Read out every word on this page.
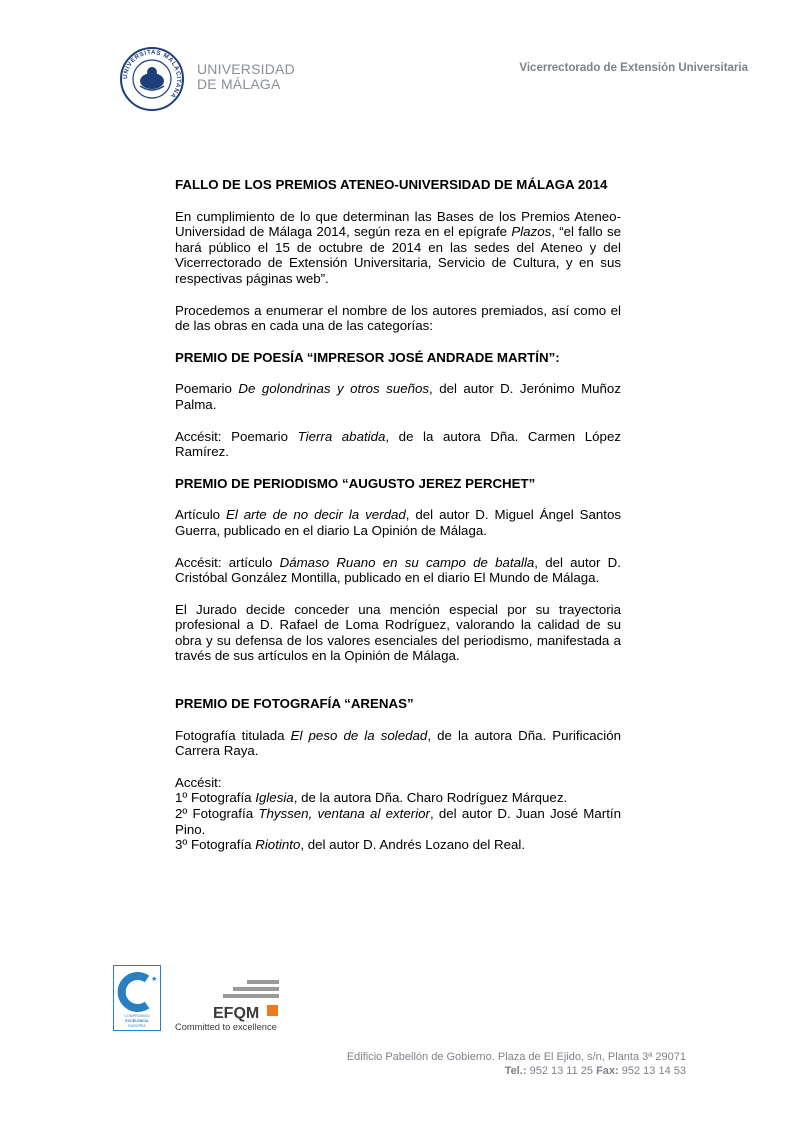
UNIVERSITAS MALACITANA
UNIVERSIDAD
DE MÁLAGA
Vicerrectorado de Extensión Universitaria

FALLO DE LOS PREMIOS ATENEO-UNIVERSIDAD DE MÁLAGA 2014

En cumplimiento de lo que determinan las Bases de los Premios Ateneo-Universidad de Málaga 2014, según reza en el epígrafe Plazos, “el fallo se hará público el 15 de octubre de 2014 en las sedes del Ateneo y del Vicerrectorado de Extensión Universitaria, Servicio de Cultura, y en sus respectivas páginas web”.

Procedemos a enumerar el nombre de los autores premiados, así como el de las obras en cada una de las categorías:

PREMIO DE POESÍA “IMPRESOR JOSÉ ANDRADE MARTÍN”:

Poemario De golondrinas y otros sueños, del autor D. Jerónimo Muñoz Palma.

Accésit: Poemario Tierra abatida, de la autora Dña. Carmen López Ramírez.

PREMIO DE PERIODISMO “AUGUSTO JEREZ PERCHET”

Artículo El arte de no decir la verdad, del autor D. Miguel Ángel Santos Guerra, publicado en el diario La Opinión de Málaga.

Accésit: artículo Dámaso Ruano en su campo de batalla, del autor D. Cristóbal González Montilla, publicado en el diario El Mundo de Málaga.

El Jurado decide conceder una mención especial por su trayectoria profesional a D. Rafael de Loma Rodríguez, valorando la calidad de su obra y su defensa de los valores esenciales del periodismo, manifestada a través de sus artículos en la Opinión de Málaga.

PREMIO DE FOTOGRAFÍA “ARENAS”

Fotografía titulada El peso de la soledad, de la autora Dña. Purificación Carrera Raya.

Accésit:
1º Fotografía Iglesia, de la autora Dña. Charo Rodríguez Márquez.
2º Fotografía Thyssen, ventana al exterior, del autor D. Juan José Martín Pino.
3º Fotografía Riotinto, del autor D. Andrés Lozano del Real.
★
COMPROMISO
EXCELENCIA
EUROPEA
EFQM
Committed to excellence
Edificio Pabellón de Gobierno. Plaza de El Ejido, s/n, Planta 3ª 29071
Tel.: 952 13 11 25 Fax: 952 13 14 53
